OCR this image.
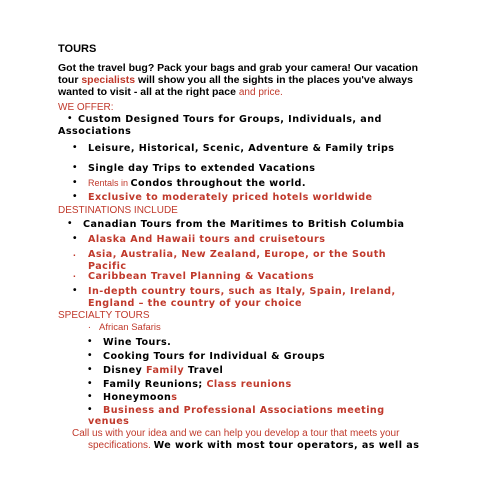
TOURS
Got the travel bug? Pack your bags and grab your camera! Our vacation
tour specialists will show you all the sights in the places you've always
wanted to visit - all at the right pace and price.
WE OFFER:
• Custom Designed Tours for Groups, Individuals, and
Associations
• Leisure, Historical, Scenic, Adventure & Family trips
• Single day Trips to extended Vacations
• Rentals in Condos throughout the world.
• Exclusive to moderately priced hotels worldwide
DESTINATIONS INCLUDE
• Canadian Tours from the Maritimes to British Columbia
• Alaska And Hawaii tours and cruisetours
. Asia, Australia, New Zealand, Europe, or the South
Pacific
. Caribbean Travel Planning & Vacations
• In-depth country tours, such as Italy, Spain, Ireland,
England – the country of your choice
SPECIALTY TOURS
. African Safaris
• Wine Tours.
• Cooking Tours for Individual & Groups
• Disney Family Travel
• Family Reunions; Class reunions
• Honeymoons
• Business and Professional Associations meeting
venues
Call us with your idea and we can help you develop a tour that meets your
specifications. We work with most tour operators, as well as
